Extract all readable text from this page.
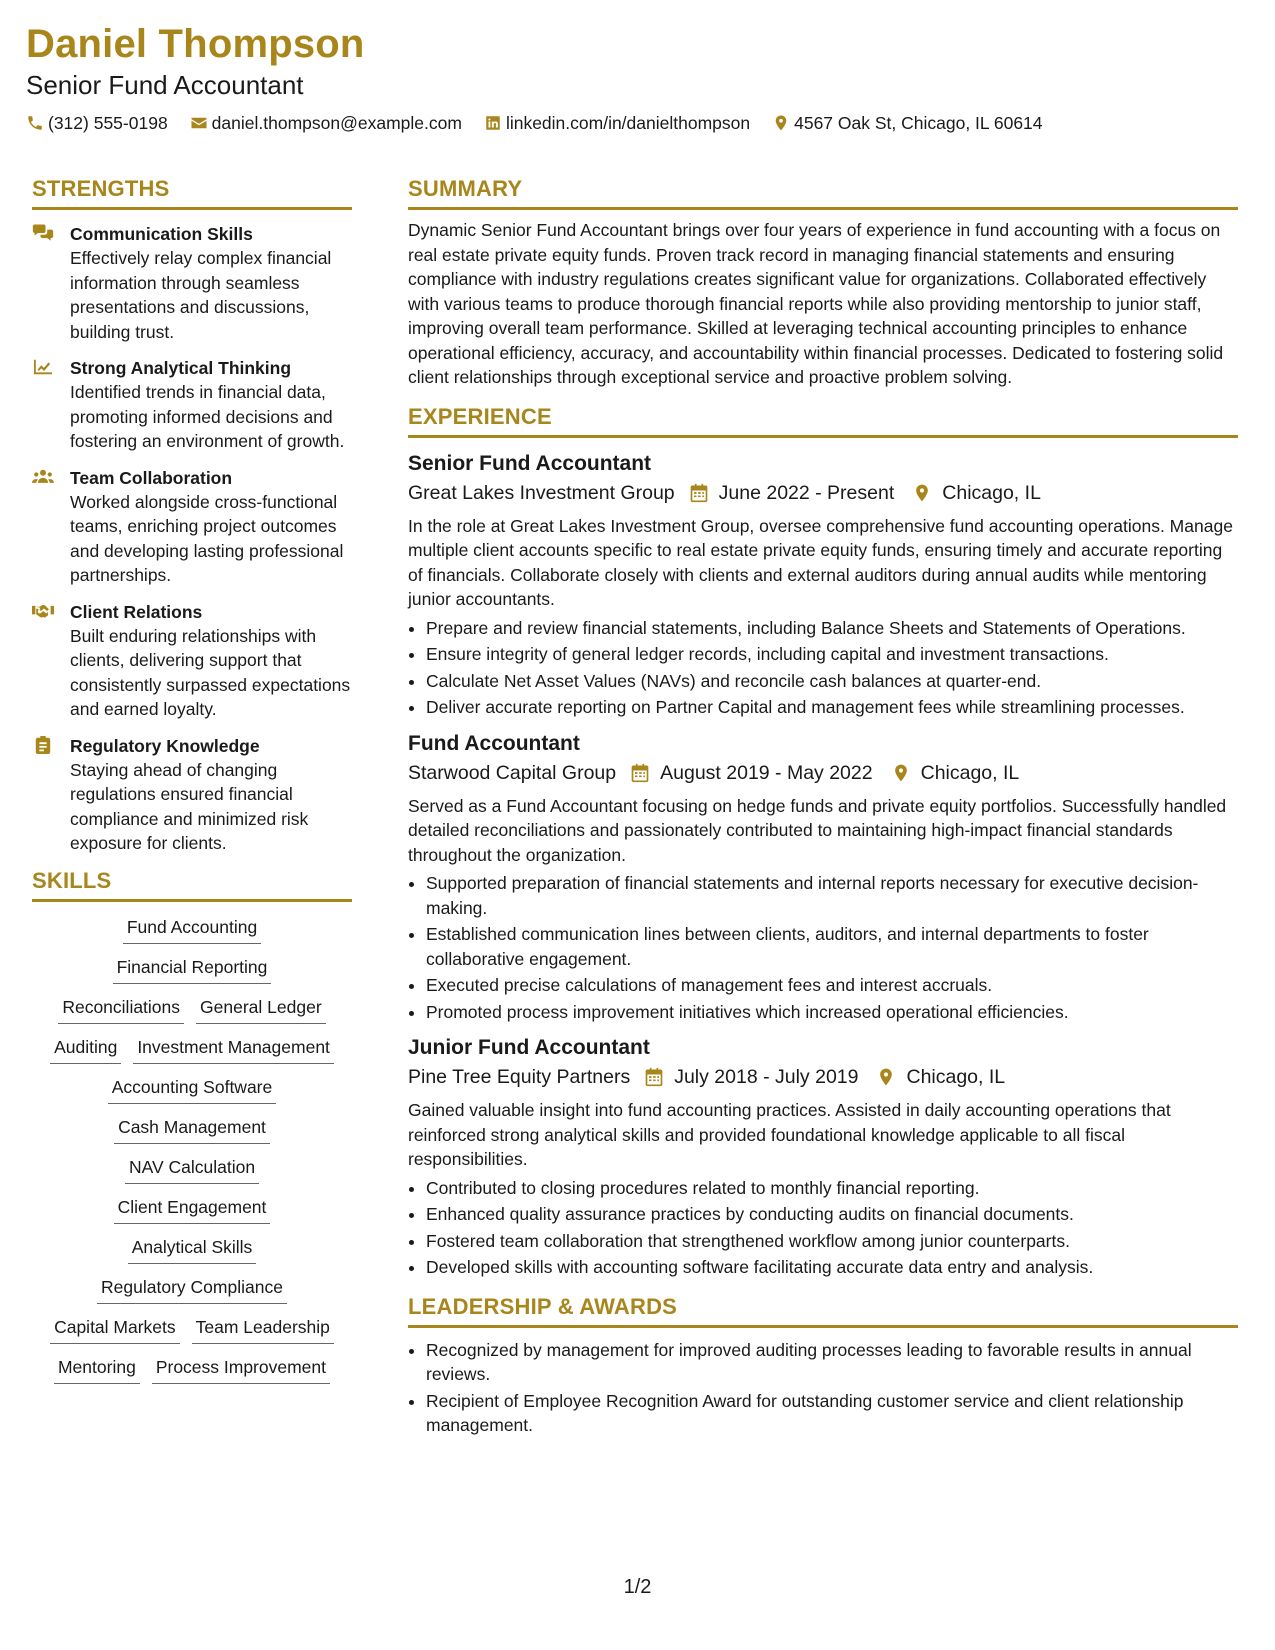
Daniel Thompson
Senior Fund Accountant
(312) 555-0198	daniel.thompson@example.com	linkedin.com/in/danielthompson	4567 Oak St, Chicago, IL 60614
STRENGTHS
Communication Skills
Effectively relay complex financial information through seamless presentations and discussions, building trust.
Strong Analytical Thinking
Identified trends in financial data, promoting informed decisions and fostering an environment of growth.
Team Collaboration
Worked alongside cross-functional teams, enriching project outcomes and developing lasting professional partnerships.
Client Relations
Built enduring relationships with clients, delivering support that consistently surpassed expectations and earned loyalty.
Regulatory Knowledge
Staying ahead of changing regulations ensured financial compliance and minimized risk exposure for clients.
SKILLS
Fund Accounting
Financial Reporting
Reconciliations General Ledger
Auditing Investment Management
Accounting Software
Cash Management
NAV Calculation
Client Engagement
Analytical Skills
Regulatory Compliance
Capital Markets Team Leadership
Mentoring Process Improvement
SUMMARY
Dynamic Senior Fund Accountant brings over four years of experience in fund accounting with a focus on real estate private equity funds. Proven track record in managing financial statements and ensuring compliance with industry regulations creates significant value for organizations. Collaborated effectively with various teams to produce thorough financial reports while also providing mentorship to junior staff, improving overall team performance. Skilled at leveraging technical accounting principles to enhance operational efficiency, accuracy, and accountability within financial processes. Dedicated to fostering solid client relationships through exceptional service and proactive problem solving.
EXPERIENCE
Senior Fund Accountant
Great Lakes Investment Group June 2022 - Present Chicago, IL
In the role at Great Lakes Investment Group, oversee comprehensive fund accounting operations. Manage multiple client accounts specific to real estate private equity funds, ensuring timely and accurate reporting of financials. Collaborate closely with clients and external auditors during annual audits while mentoring junior accountants.
• Prepare and review financial statements, including Balance Sheets and Statements of Operations.
• Ensure integrity of general ledger records, including capital and investment transactions.
• Calculate Net Asset Values (NAVs) and reconcile cash balances at quarter-end.
• Deliver accurate reporting on Partner Capital and management fees while streamlining processes.
Fund Accountant
Starwood Capital Group August 2019 - May 2022 Chicago, IL
Served as a Fund Accountant focusing on hedge funds and private equity portfolios. Successfully handled detailed reconciliations and passionately contributed to maintaining high-impact financial standards throughout the organization.
• Supported preparation of financial statements and internal reports necessary for executive decision-making.
• Established communication lines between clients, auditors, and internal departments to foster collaborative engagement.
• Executed precise calculations of management fees and interest accruals.
• Promoted process improvement initiatives which increased operational efficiencies.
Junior Fund Accountant
Pine Tree Equity Partners July 2018 - July 2019 Chicago, IL
Gained valuable insight into fund accounting practices. Assisted in daily accounting operations that reinforced strong analytical skills and provided foundational knowledge applicable to all fiscal responsibilities.
• Contributed to closing procedures related to monthly financial reporting.
• Enhanced quality assurance practices by conducting audits on financial documents.
• Fostered team collaboration that strengthened workflow among junior counterparts.
• Developed skills with accounting software facilitating accurate data entry and analysis.
LEADERSHIP & AWARDS
• Recognized by management for improved auditing processes leading to favorable results in annual reviews.
• Recipient of Employee Recognition Award for outstanding customer service and client relationship management.
1/2
